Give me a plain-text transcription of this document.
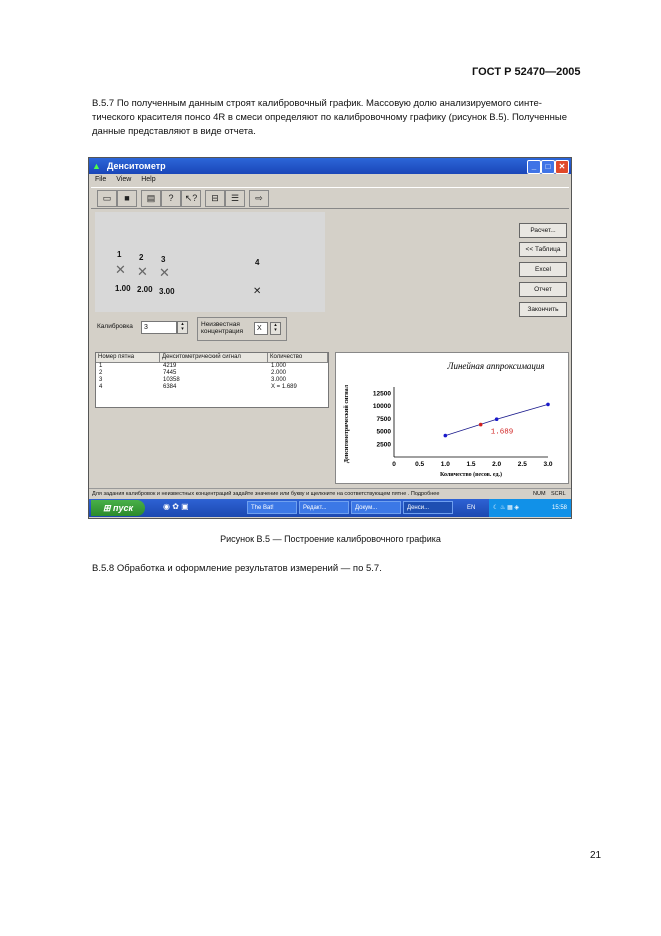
ГОСТ Р 52470—2005
В.5.7 По полученным данным строят калибровочный график. Массовую долю анализируемого синте-
тического красителя понсо 4R в смеси определяют по калибровочному графику (рисунок В.5). Полученные
данные представляют в виде отчета.
▲ Денситометр	_	□	✕
File View Help
▭	■	▤	?	↖?	⊟	☰	⇨
1 2 3	4
✕ ✕ ✕
✕
1.00 2.00 3.00
Расчет...
<< Таблица
Excel
Отчет
Закончить
Калибровка	3	▴
▾
Неизвестная
концентрация	X	▴
▾
Номер пятна	Денситометрический сигнал	Количество
1	4219	1.000
2	7445	2.000
3	10358	3.000
4	6384	X = 1.689
Линейная аппроксимация
0	0.5	1.0	1.5	2.0	2.5	3.0
2500
5000
7500
10000
12500
Количество (весов. ед.)
Денситометрический сигнал	1.689
Для задания калибровок и неизвестных концентраций задайте значение или букву и щелкните на соответствующем пятне . Подробнее	NUM SCRL
⊞ пуск	◉ ✿ ▣	The Bat!	Редакт...	Докум...	Денси...	EN	☾ ♨ ▦ ◈	15:58
Рисунок В.5 — Построение калибровочного графика
В.5.8 Обработка и оформление результатов измерений — по 5.7.
21
